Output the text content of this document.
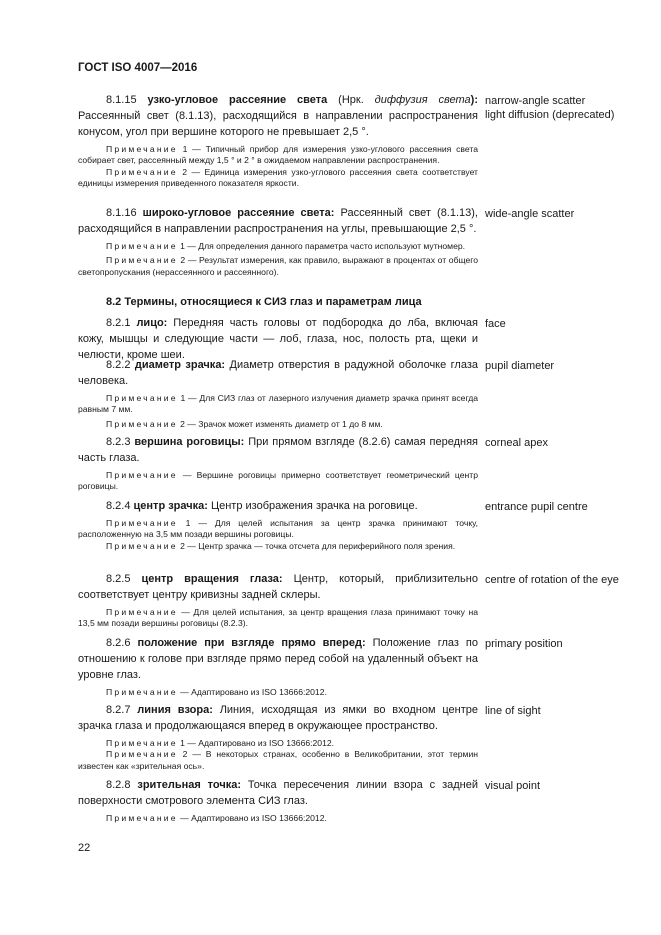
ГОСТ ISO 4007—2016

8.1.15 узко-угловое рассеяние света (Нрк. диффузия света): Рассеянный свет (8.1.13), расходящийся в направлении распространения конусом, угол при вершине которого не превышает 2,5 °.

Примечание 1 — Типичный прибор для измерения узко-углового рассеяния света собирает свет, рассеянный между 1,5 ° и 2 ° в ожидаемом направлении распространения.

Примечание 2 — Единица измерения узко-углового рассеяния света соответствует единицы измерения приведенного показателя яркости.

narrow-angle scatter
light diffusion (deprecated)

8.1.16 широко-угловое рассеяние света: Рассеянный свет (8.1.13), расходящийся в направлении распространения на углы, превышающие 2,5 °.

Примечание 1 — Для определения данного параметра часто используют мутномер.

Примечание 2 — Результат измерения, как правило, выражают в процентах от общего светопропускания (нерассеянного и рассеянного).

wide-angle scatter

8.2 Термины, относящиеся к СИЗ глаз и параметрам лица

8.2.1 лицо: Передняя часть головы от подбородка до лба, включая кожу, мышцы и следующие части — лоб, глаза, нос, полость рта, щеки и челюсти, кроме шеи.

face

8.2.2 диаметр зрачка: Диаметр отверстия в радужной оболочке глаза человека.

Примечание 1 — Для СИЗ глаз от лазерного излучения диаметр зрачка принят всегда равным 7 мм.

Примечание 2 — Зрачок может изменять диаметр от 1 до 8 мм.

pupil diameter

8.2.3 вершина роговицы: При прямом взгляде (8.2.6) самая передняя часть глаза.

Примечание — Вершине роговицы примерно соответствует геометрический центр роговицы.

corneal apex

8.2.4 центр зрачка: Центр изображения зрачка на роговице.

Примечание 1 — Для целей испытания за центр зрачка принимают точку, расположенную на 3,5 мм позади вершины роговицы.

Примечание 2 — Центр зрачка — точка отсчета для периферийного поля зрения.

entrance pupil centre

8.2.5 центр вращения глаза: Центр, который, приблизительно соответствует центру кривизны задней склеры.

Примечание — Для целей испытания, за центр вращения глаза принимают точку на 13,5 мм позади вершины роговицы (8.2.3).

centre of rotation of the eye

8.2.6 положение при взгляде прямо вперед: Положение глаз по отношению к голове при взгляде прямо перед собой на удаленный объект на уровне глаз.

Примечание — Адаптировано из ISO 13666:2012.

primary position

8.2.7 линия взора: Линия, исходящая из ямки во входном центре зрачка глаза и продолжающаяся вперед в окружающее пространство.

Примечание 1 — Адаптировано из ISO 13666:2012.

Примечание 2 — В некоторых странах, особенно в Великобритании, этот термин известен как «зрительная ось».

line of sight

8.2.8 зрительная точка: Точка пересечения линии взора с задней поверхности смотрового элемента СИЗ глаз.

Примечание — Адаптировано из ISO 13666:2012.

visual point
22
